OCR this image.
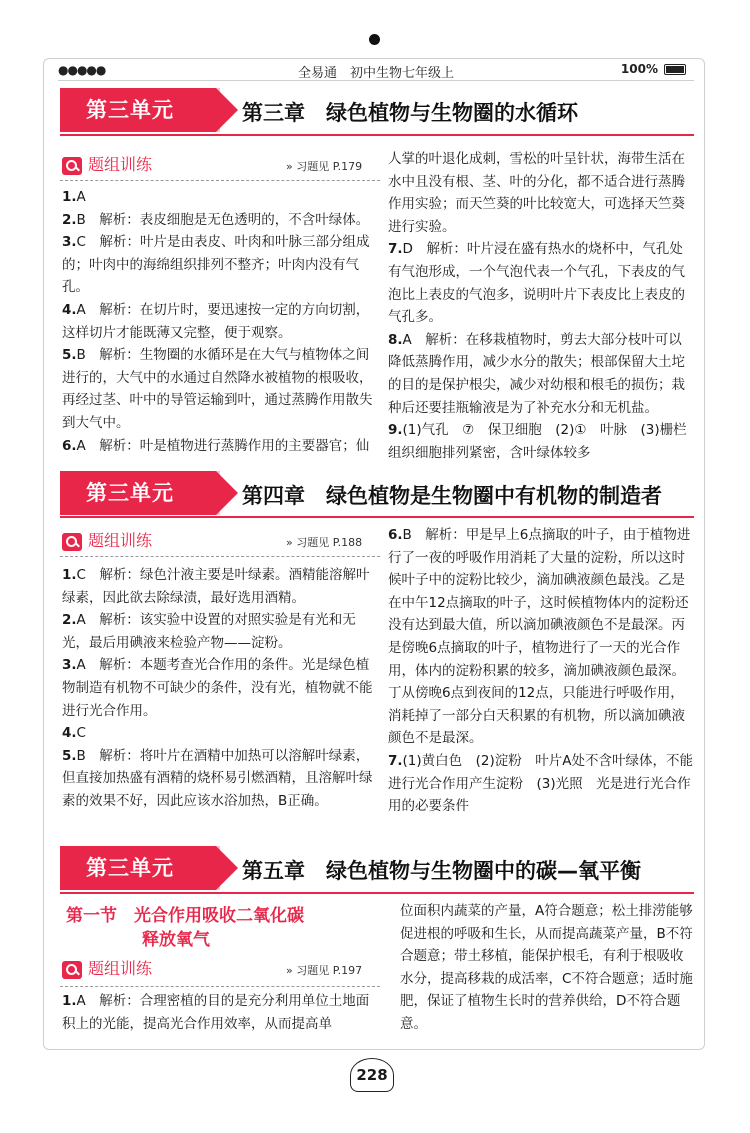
●●●●●	全易通　初中生物七年级上	100%
第三单元	第三章　绿色植物与生物圈的水循环
题组训练	» 习题见 P.179

1.A

2.B　 解析：表皮细胞是无色透明的，不含叶绿体。

3.C　 解析：叶片是由表皮、叶肉和叶脉三部分组成的；叶肉中的海绵组织排列不整齐；叶肉内没有气孔。

4.A　 解析：在切片时，要迅速按一定的方向切割，这样切片才能既薄又完整，便于观察。

5.B　 解析：生物圈的水循环是在大气与植物体之间进行的，大气中的水通过自然降水被植物的根吸收，再经过茎、叶中的导管运输到叶，通过蒸腾作用散失到大气中。

6.A　 解析：叶是植物进行蒸腾作用的主要器官；仙

人掌的叶退化成刺，雪松的叶呈针状，海带生活在水中且没有根、茎、叶的分化，都不适合进行蒸腾作用实验；而天竺葵的叶比较宽大，可选择天竺葵进行实验。

7.D　 解析：叶片浸在盛有热水的烧杯中，气孔处有气泡形成，一个气泡代表一个气孔，下表皮的气泡比上表皮的气泡多，说明叶片下表皮比上表皮的气孔多。

8.A　 解析：在移栽植物时，剪去大部分枝叶可以降低蒸腾作用，减少水分的散失；根部保留大土坨的目的是保护根尖，减少对幼根和根毛的损伤；栽种后还要挂瓶输液是为了补充水分和无机盐。

9.(1)气孔　⑦　保卫细胞　(2)①　叶脉　(3)栅栏组织细胞排列紧密，含叶绿体较多

第三单元	第四章　绿色植物是生物圈中有机物的制造者
题组训练	» 习题见 P.188

1.C　 解析：绿色汁液主要是叶绿素。酒精能溶解叶绿素，因此欲去除绿渍，最好选用酒精。

2.A　 解析：该实验中设置的对照实验是有光和无光，最后用碘液来检验产物——淀粉。

3.A　 解析：本题考查光合作用的条件。光是绿色植物制造有机物不可缺少的条件，没有光，植物就不能进行光合作用。

4.C

5.B　 解析：将叶片在酒精中加热可以溶解叶绿素，但直接加热盛有酒精的烧杯易引燃酒精，且溶解叶绿素的效果不好，因此应该水浴加热，B正确。

6.B　 解析：甲是早上6点摘取的叶子，由于植物进行了一夜的呼吸作用消耗了大量的淀粉，所以这时候叶子中的淀粉比较少，滴加碘液颜色最浅。乙是在中午12点摘取的叶子，这时候植物体内的淀粉还没有达到最大值，所以滴加碘液颜色不是最深。丙是傍晚6点摘取的叶子，植物进行了一天的光合作用，体内的淀粉积累的较多，滴加碘液颜色最深。丁从傍晚6点到夜间的12点，只能进行呼吸作用，消耗掉了一部分白天积累的有机物，所以滴加碘液颜色不是最深。

7.(1)黄白色　(2)淀粉　叶片A处不含叶绿体，不能进行光合作用产生淀粉　(3)光照　光是进行光合作用的必要条件

第三单元	第五章　绿色植物与生物圈中的碳—氧平衡
第一节　光合作用吸收二氧化碳
释放氧气
题组训练	» 习题见 P.197

1.A　 解析：合理密植的目的是充分利用单位土地面积上的光能，提高光合作用效率，从而提高单

位面积内蔬菜的产量，A符合题意；松土排涝能够促进根的呼吸和生长，从而提高蔬菜产量，B不符合题意；带土移植，能保护根毛，有利于根吸收水分，提高移栽的成活率，C不符合题意；适时施肥，保证了植物生长时的营养供给，D不符合题意。

228
